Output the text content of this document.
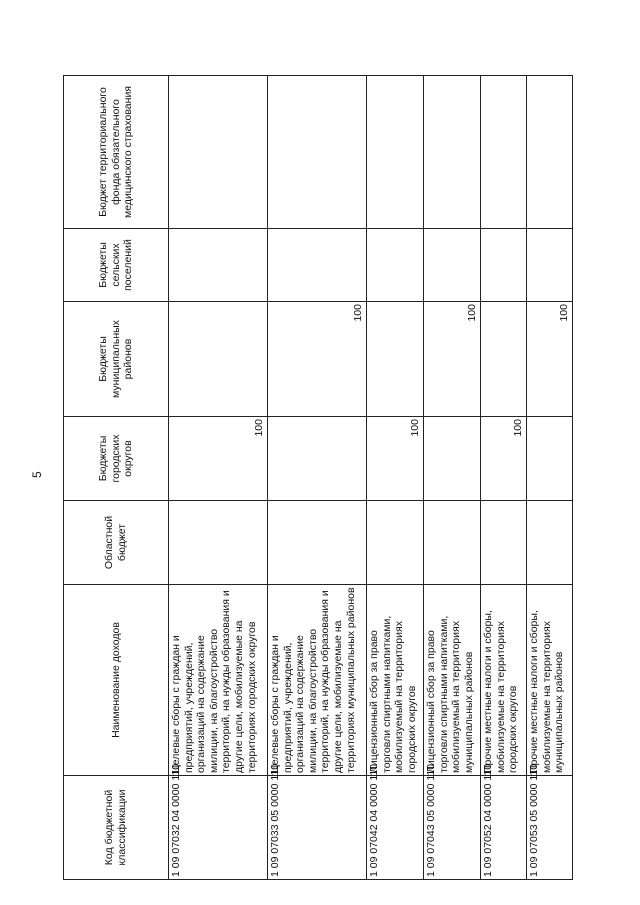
5
Код бюджетной классификации	Наименование доходов	Областной бюджет	Бюджеты городских округов	Бюджеты муниципальных районов	Бюджеты сельских поселений	Бюджет территориального фонда обязательного медицинского страхования
1 09 07032 04 0000 110	Целевые сборы с граждан и предприятий, учреждений, организаций на содержание милиции, на благоустройство территорий, на нужды образования и другие цели, мобилизуемые на территориях городских округов		100			
1 09 07033 05 0000 110	Целевые сборы с граждан и предприятий, учреждений, организаций на содержание милиции, на благоустройство территорий, на нужды образования и другие цели, мобилизуемые на территориях муниципальных районов			100		
1 09 07042 04 0000 110	Лицензионный сбор за право торговли спиртными напитками, мобилизуемый на территориях городских округов		100			
1 09 07043 05 0000 110	Лицензионный сбор за право торговли спиртными напитками, мобилизуемый на территориях муниципальных районов			100		
1 09 07052 04 0000 110	Прочие местные налоги и сборы, мобилизуемые на территориях городских округов		100			
1 09 07053 05 0000 110	Прочие местные налоги и сборы, мобилизуемые на территориях муниципальных районов			100		
